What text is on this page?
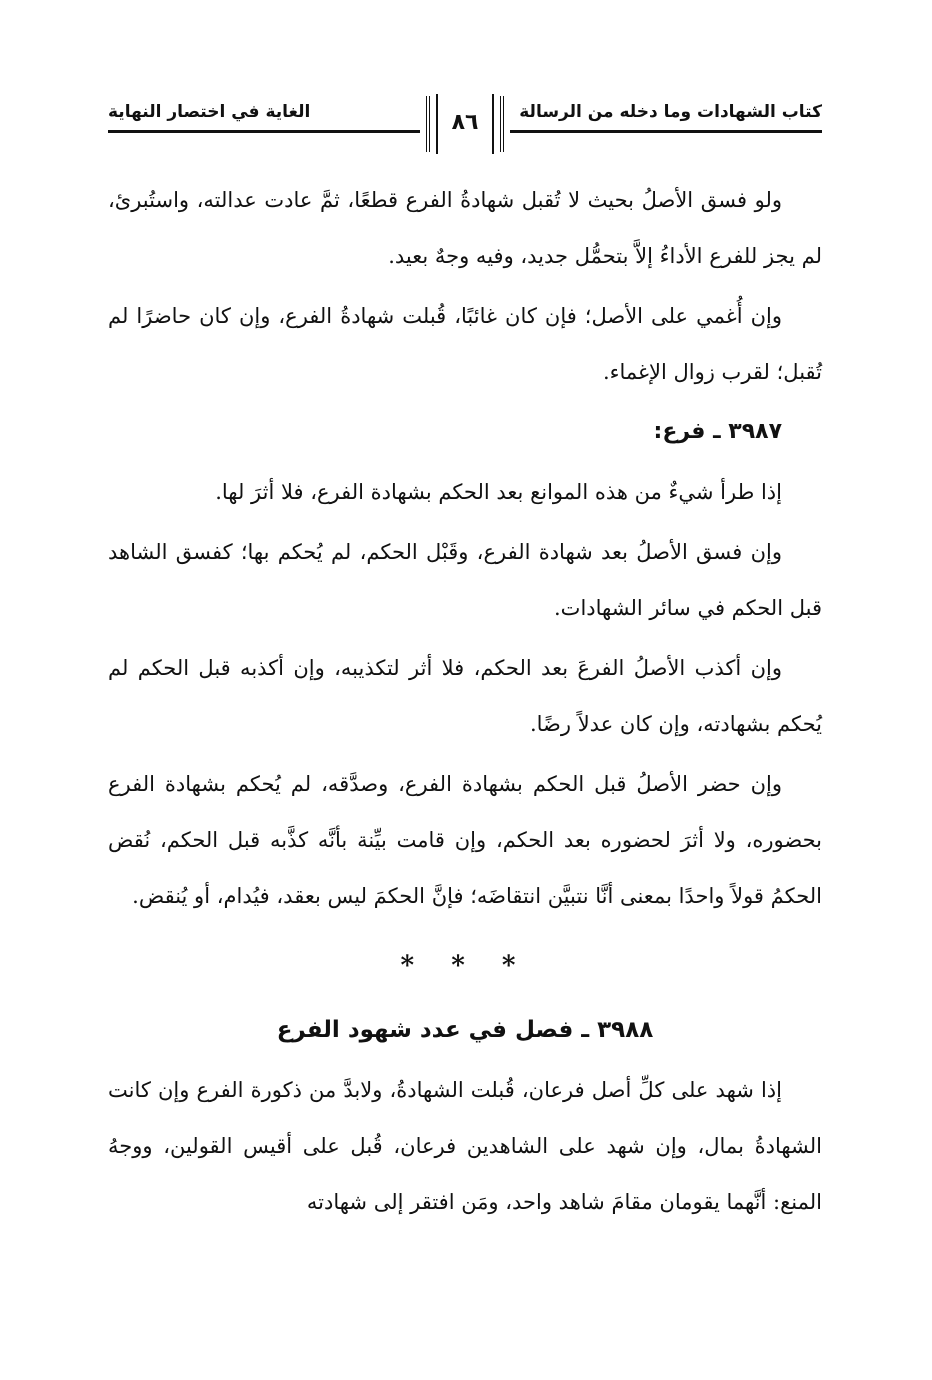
كتاب الشهادات وما دخله من الرسالة
٨٦
الغاية في اختصار النهاية

ولو فسق الأصلُ بحيث لا تُقبل شهادةُ الفرع قطعًا، ثمَّ عادت عدالته، واستُبرئ، لم يجز للفرع الأداءُ إلاَّ بتحمُّل جديد، وفيه وجهٌ بعيد.

وإن أُغمي على الأصل؛ فإن كان غائبًا، قُبلت شهادةُ الفرع، وإن كان حاضرًا لم تُقبل؛ لقرب زوال الإغماء.

٣٩٨٧ ـ فرع:

إذا طرأ شيءٌ من هذه الموانع بعد الحكم بشهادة الفرع، فلا أثرَ لها.

وإن فسق الأصلُ بعد شهادة الفرع، وقَبْل الحكم، لم يُحكم بها؛ كفسق الشاهد قبل الحكم في سائر الشهادات.

وإن أكذب الأصلُ الفرعَ بعد الحكم، فلا أثر لتكذيبه، وإن أكذبه قبل الحكم لم يُحكم بشهادته، وإن كان عدلاً رضًا.

وإن حضر الأصلُ قبل الحكم بشهادة الفرع، وصدَّقه، لم يُحكم بشهادة الفرع بحضوره، ولا أثرَ لحضوره بعد الحكم، وإن قامت بيِّنة بأنَّه كذَّبه قبل الحكم، نُقض الحكمُ قولاً واحدًا بمعنى أنَّا نتبيَّن انتقاضَه؛ فإنَّ الحكمَ ليس بعقد، فيُدام، أو يُنقض.

* * *
٣٩٨٨ ـ فصل في عدد شهود الفرع

إذا شهد على كلِّ أصل فرعان، قُبلت الشهادةُ، ولابدَّ من ذكورة الفرع وإن كانت الشهادةُ بمال، وإن شهد على الشاهدين فرعان، قُبل على أقيس القولين، ووجهُ المنع: أنَّهما يقومان مقامَ شاهد واحد، ومَن افتقر إلى شهادته
